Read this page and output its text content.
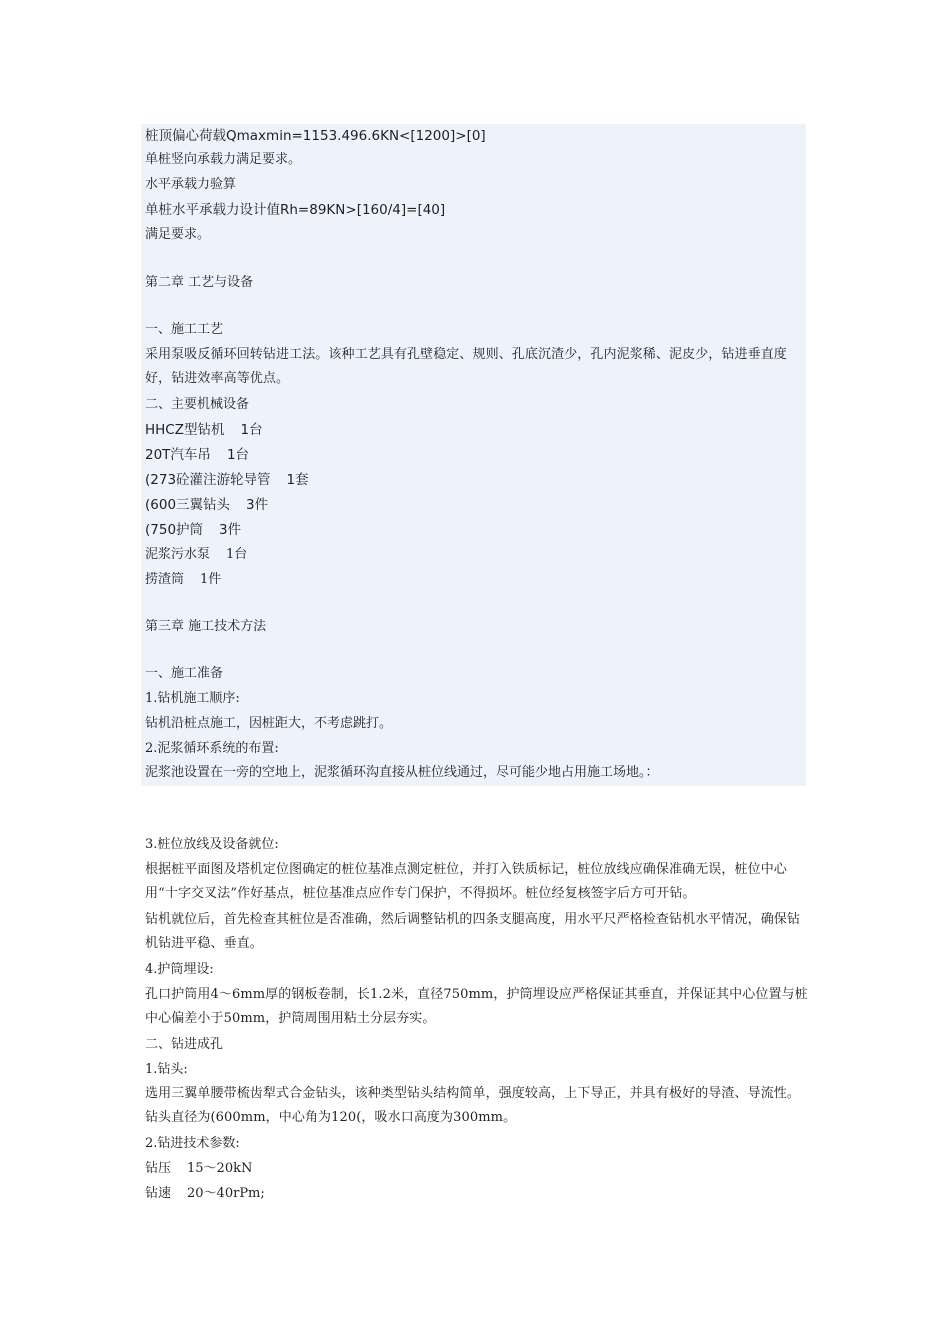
桩顶偏心荷载Qmaxmin=1153.496.6KN<[1200]>[0]
单桩竖向承载力满足要求。
水平承载力验算
单桩水平承载力设计值Rh=89KN>[160/4]=[40]
满足要求。
第二章 工艺与设备
一、施工工艺
采用泵吸反循环回转钻进工法。该种工艺具有孔壁稳定、规则、孔底沉渣少，孔内泥浆稀、泥皮少，钻进垂直度好，钻进效率高等优点。
二、主要机械设备
HHCZ型钻机 1台
20T汽车吊 1台
(273砼灌注游轮导管 1套
(600三翼钻头 3件
(750护筒 3件
泥浆污水泵 1台
捞渣筒 1件
第三章 施工技术方法
一、施工准备
1.钻机施工顺序:
钻机沿桩点施工，因桩距大，不考虑跳打。
2.泥浆循环系统的布置:
泥浆池设置在一旁的空地上，泥浆循环沟直接从桩位线通过，尽可能少地占用施工场地。：
3.桩位放线及设备就位:
根据桩平面图及塔机定位图确定的桩位基准点测定桩位，并打入铁质标记，桩位放线应确保准确无误，桩位中心用“十字交叉法”作好基点，桩位基准点应作专门保护，不得损坏。桩位经复核签字后方可开钻。
钻机就位后，首先检查其桩位是否准确，然后调整钻机的四条支腿高度，用水平尺严格检查钻机水平情况，确保钻机钻进平稳、垂直。
4.护筒埋设:
孔口护筒用4～6mm厚的钢板卷制，长1.2米，直径750mm，护筒埋设应严格保证其垂直，并保证其中心位置与桩中心偏差小于50mm，护筒周围用粘土分层夯实。
二、钻进成孔
1.钻头:
选用三翼单腰带梳齿犁式合金钻头，该种类型钻头结构简单，强度较高，上下导正，并具有极好的导渣、导流性。钻头直径为(600mm，中心角为120(，吸水口高度为300mm。
2.钻进技术参数:
钻压 15～20kN
钻速 20～40rPm;
